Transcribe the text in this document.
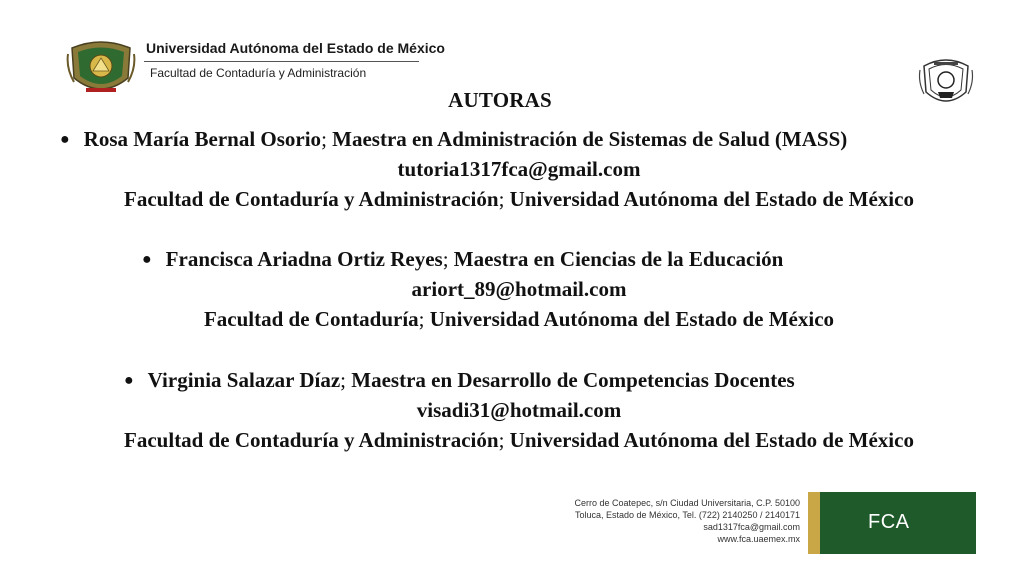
Universidad Autónoma del Estado de México
Facultad de Contaduría y Administración
AUTORAS
● Rosa María Bernal Osorio; Maestra en Administración de Sistemas de Salud (MASS)
tutoria1317fca@gmail.com
Facultad de Contaduría y Administración; Universidad Autónoma del Estado de México
● Francisca Ariadna Ortiz Reyes; Maestra en Ciencias de la Educación
ariort_89@hotmail.com
Facultad de Contaduría; Universidad Autónoma del Estado de México
● Virginia Salazar Díaz; Maestra en Desarrollo de Competencias Docentes
visadi31@hotmail.com
Facultad de Contaduría y Administración; Universidad Autónoma del Estado de México
Cerro de Coatepec, s/n Ciudad Universitaria, C.P. 50100
Toluca, Estado de México, Tel. (722) 2140250 / 2140171
sad1317fca@gmail.com
www.fca.uaemex.mx
FCA
